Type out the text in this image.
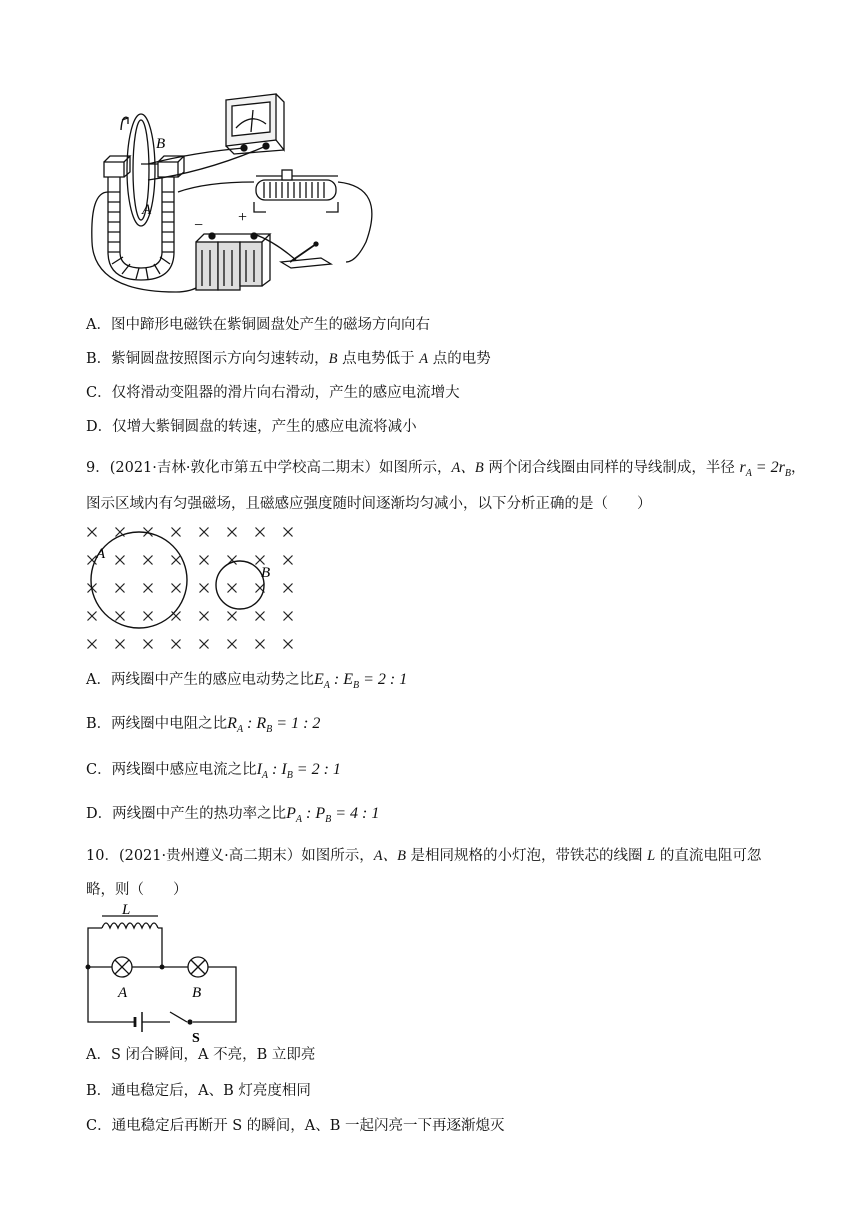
B
A
− +
A．图中蹄形电磁铁在紫铜圆盘处产生的磁场方向向右
B．紫铜圆盘按照图示方向匀速转动，B 点电势低于 A 点的电势
C．仅将滑动变阻器的滑片向右滑动，产生的感应电流增大
D．仅增大紫铜圆盘的转速，产生的感应电流将减小
9．(2021·吉林·敦化市第五中学校高二期末）如图所示，A、B 两个闭合线圈由同样的导线制成，半径 $r_A = 2r_B$，
图示区域内有匀强磁场，且磁感应强度随时间逐渐均匀减小，以下分析正确的是（　　）
A
B
A．两线圈中产生的感应电动势之比$E_A$ : $E_B = 2$ : 1
B．两线圈中电阻之比$R_A$ : $R_B = 1$ : 2
C．两线圈中感应电流之比$I_A$ : $I_B = 2$ : 1
D．两线圈中产生的热功率之比$P_A$ : $P_B = 4$ : 1
10．(2021·贵州遵义·高二期末）如图所示，A、B 是相同规格的小灯泡，带铁芯的线圈 L 的直流电阻可忽
略，则（　　）
L
A	B
S
A．S 闭合瞬间，A 不亮，B 立即亮
B．通电稳定后，A、B 灯亮度相同
C．通电稳定后再断开 S 的瞬间，A、B 一起闪亮一下再逐渐熄灭
